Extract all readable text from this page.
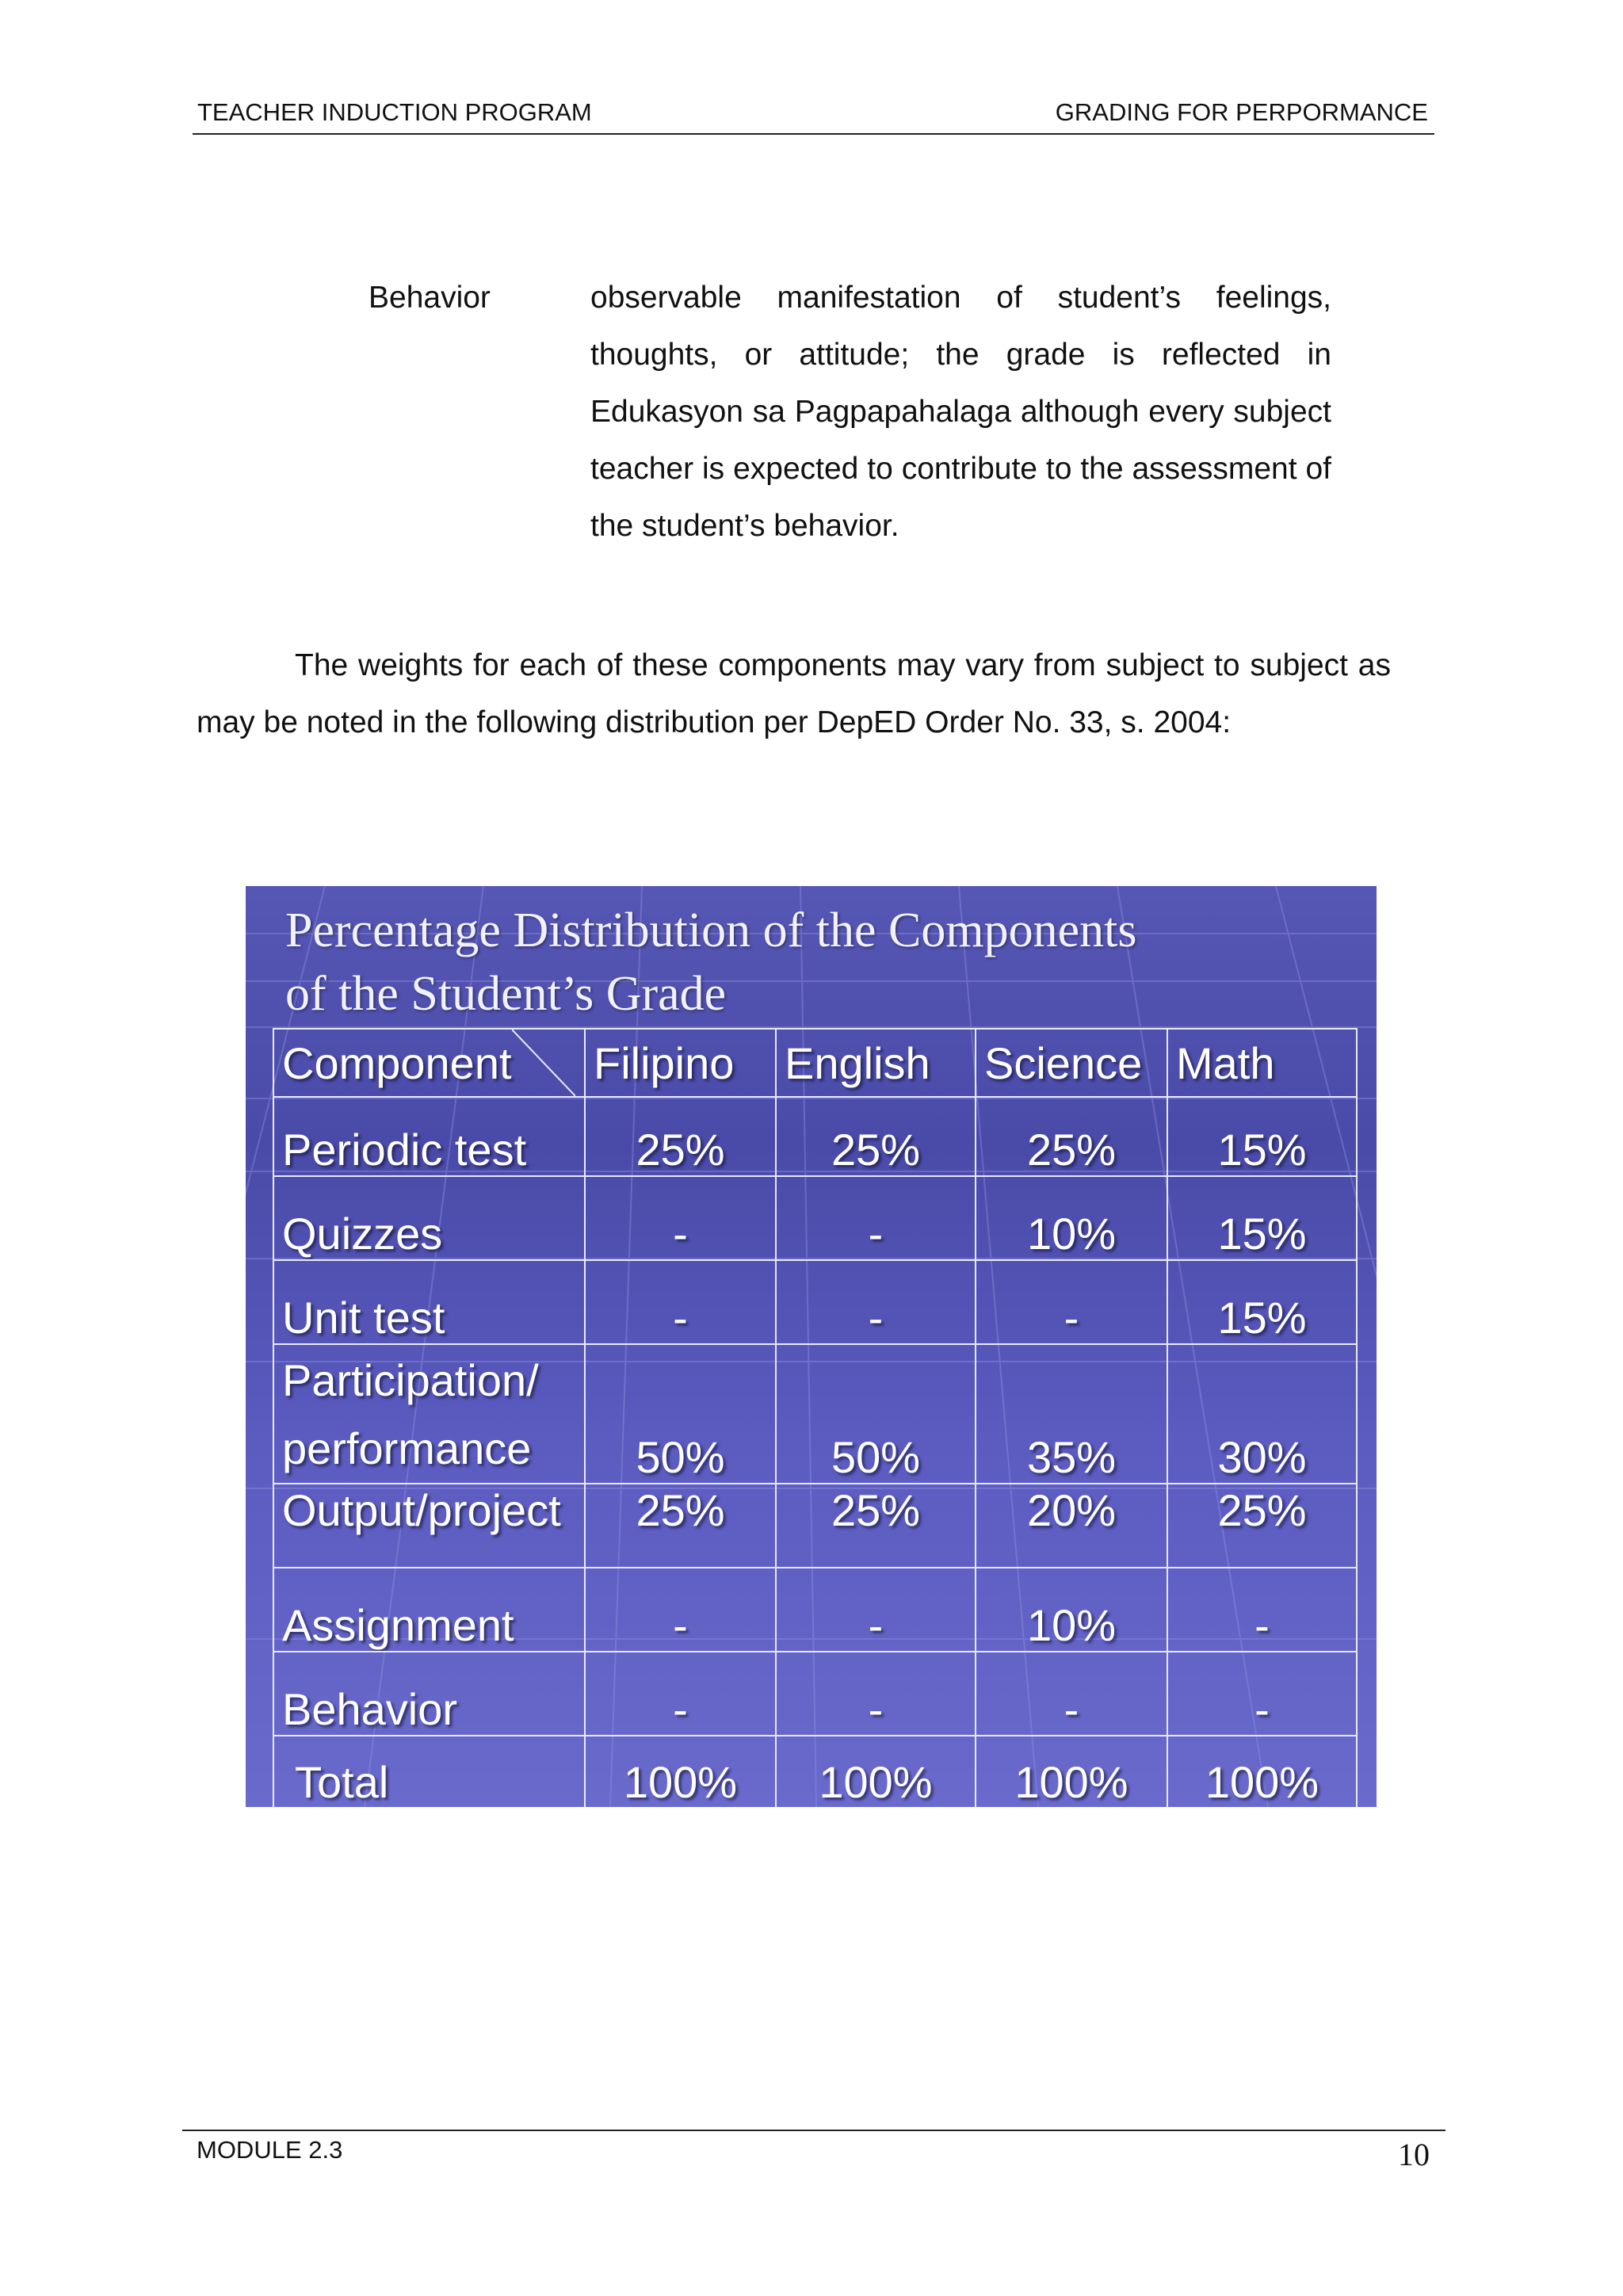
TEACHER INDUCTION PROGRAM	GRADING FOR PERPORMANCE
Behavior	observable manifestation of student’s feelings, thoughts, or attitude; the grade is reflected in Edukasyon sa Pagpapahalaga although every subject teacher is expected to contribute to the assessment of the student’s behavior.
The weights for each of these components may vary from subject to subject as may be noted in the following distribution per DepED Order No. 33, s. 2004:
Percentage Distribution of the Components
of the Student’s Grade
Component	Filipino	English	Science	Math
Periodic test	25%	25%	25%	15%
Quizzes	-	-	10%	15%
Unit test	-	-	-	15%
Participation/
performance	50%	50%	35%	30%
Output/project	25%	25%	20%	25%
Assignment	-	-	10%	-
Behavior	-	-	-	-
Total	100%	100%	100%	100%
MODULE 2.3	10
